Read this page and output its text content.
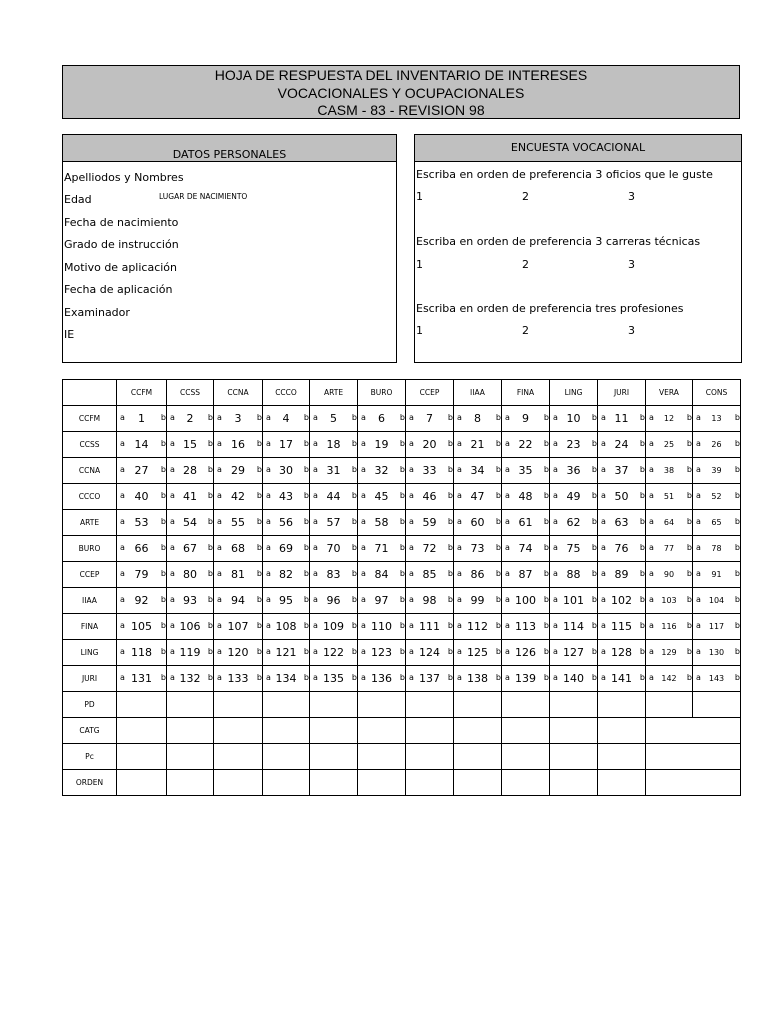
HOJA DE RESPUESTA DEL INVENTARIO DE INTERESES
VOCACIONALES Y OCUPACIONALES
CASM - 83 - REVISION 98
DATOS PERSONALES
Apelliodos y Nombres
Edad	LUGAR DE NACIMIENTO
Fecha de nacimiento
Grado de instrucción
Motivo de aplicación
Fecha de aplicación
Examinador
IE
ENCUESTA VOCACIONAL
Escriba en orden de preferencia 3 oficios que le guste
1	2	3
Escriba en orden de preferencia 3 carreras técnicas
1	2	3
Escriba en orden de preferencia tres profesiones
1	2	3
	CCFM	CCSS	CCNA	CCCO	ARTE	BURO	CCEP	IIAA	FINA	LING	JURI	VERA	CONS
CCFM	a 1 b	a 2 b	a 3 b	a 4 b	a 5 b	a 6 b	a 7 b	a 8 b	a 9 b	a 10 b	a 11 b	a 12 b	a 13 b

CCSS	a 14 b	a 15 b	a 16 b	a 17 b	a 18 b	a 19 b	a 20 b	a 21 b	a 22 b	a 23 b	a 24 b	a 25 b	a 26 b

CCNA	a 27 b	a 28 b	a 29 b	a 30 b	a 31 b	a 32 b	a 33 b	a 34 b	a 35 b	a 36 b	a 37 b	a 38 b	a 39 b

CCCO	a 40 b	a 41 b	a 42 b	a 43 b	a 44 b	a 45 b	a 46 b	a 47 b	a 48 b	a 49 b	a 50 b	a 51 b	a 52 b

ARTE	a 53 b	a 54 b	a 55 b	a 56 b	a 57 b	a 58 b	a 59 b	a 60 b	a 61 b	a 62 b	a 63 b	a 64 b	a 65 b

BURO	a 66 b	a 67 b	a 68 b	a 69 b	a 70 b	a 71 b	a 72 b	a 73 b	a 74 b	a 75 b	a 76 b	a 77 b	a 78 b

CCEP	a 79 b	a 80 b	a 81 b	a 82 b	a 83 b	a 84 b	a 85 b	a 86 b	a 87 b	a 88 b	a 89 b	a 90 b	a 91 b

IIAA	a 92 b	a 93 b	a 94 b	a 95 b	a 96 b	a 97 b	a 98 b	a 99 b	a 100 b	a 101 b	a 102 b	a 103 b	a 104 b

FINA	a 105 b	a 106 b	a 107 b	a 108 b	a 109 b	a 110 b	a 111 b	a 112 b	a 113 b	a 114 b	a 115 b	a 116 b	a 117 b

LING	a 118 b	a 119 b	a 120 b	a 121 b	a 122 b	a 123 b	a 124 b	a 125 b	a 126 b	a 127 b	a 128 b	a 129 b	a 130 b

JURI	a 131 b	a 132 b	a 133 b	a 134 b	a 135 b	a 136 b	a 137 b	a 138 b	a 139 b	a 140 b	a 141 b	a 142 b	a 143 b

PD													
CATG													
Pc													
ORDEN													
